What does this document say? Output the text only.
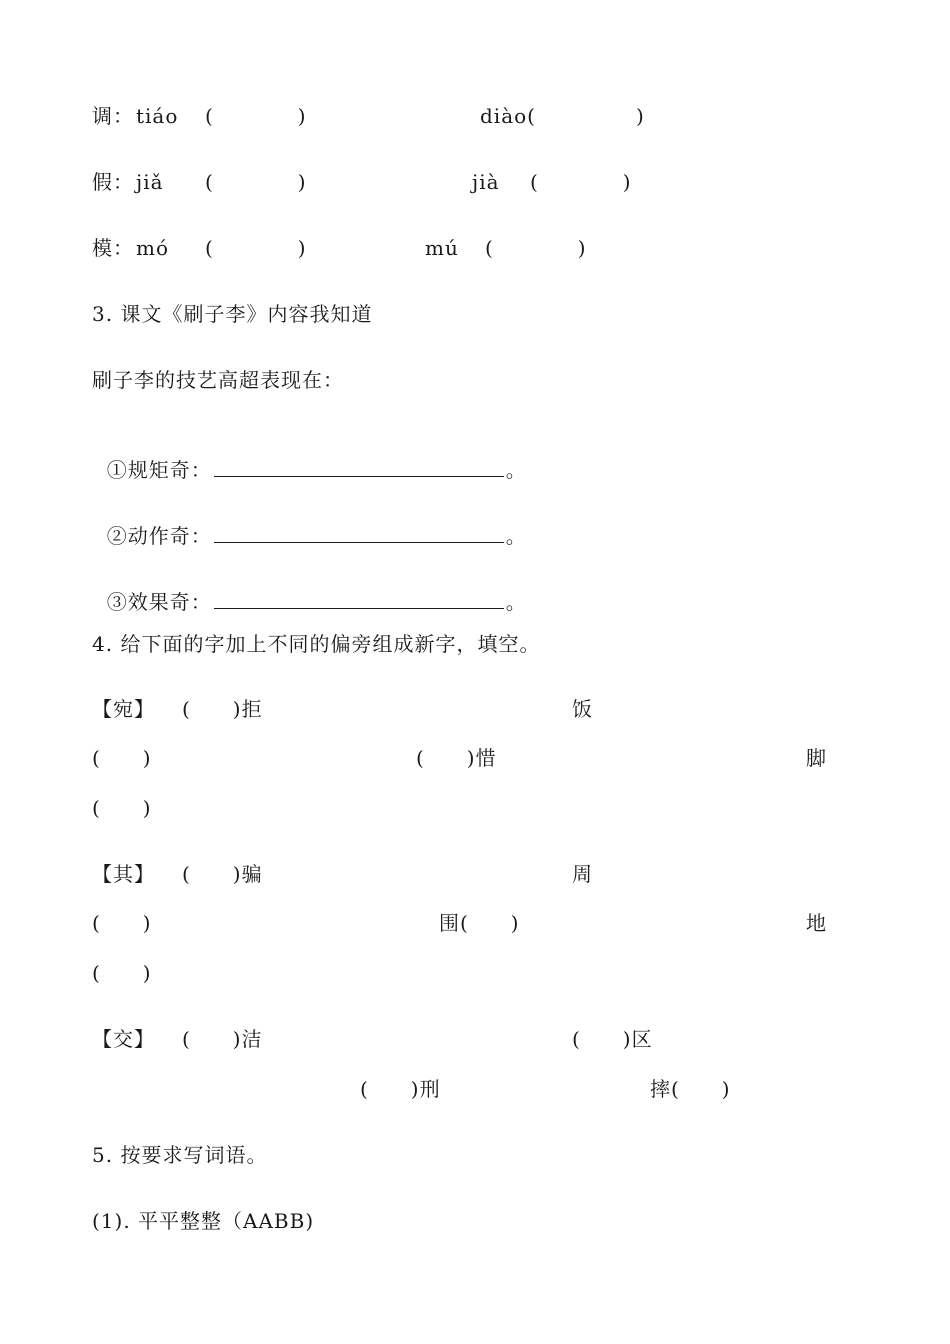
调： tiáo (　　　　)	diào( 　　　　)
假： jiǎ (　　　　)	jià (　　　　)
模： mó (　　　　)	mú (　　　　)
3. 课文《刷子李》内容我知道
刷子李的技艺高超表现在：

①规矩奇：	。

②动作奇：	。

③效果奇：	。

4. 给下面的字加上不同的偏旁组成新字，填空。
【宛】 (　　)拒	饭
(　　)	(　　)惜	脚
(　　)
【其】 (　　)骗	周
(　　)	围(　　)	地
(　　)
【交】 (　　)洁	(　　)区
(　　)刑	摔(　　)
5. 按要求写词语。
(1). 平平整整（AABB)
